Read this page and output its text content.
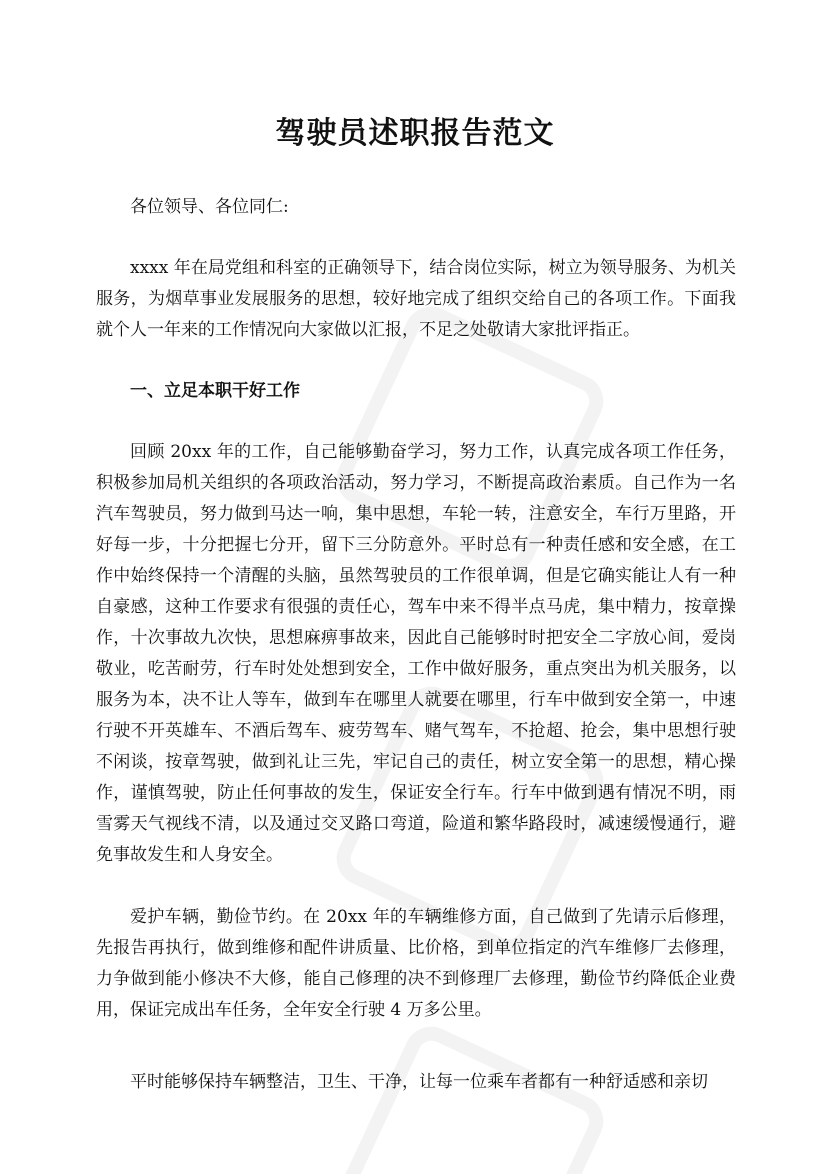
驾驶员述职报告范文

各位领导、各位同仁:

xxxx 年在局党组和科室的正确领导下，结合岗位实际，树立为领导服务、为机关服务，为烟草事业发展服务的思想，较好地完成了组织交给自己的各项工作。下面我就个人一年来的工作情况向大家做以汇报，不足之处敬请大家批评指正。

一、立足本职干好工作

回顾 20xx 年的工作，自己能够勤奋学习，努力工作，认真完成各项工作任务，积极参加局机关组织的各项政治活动，努力学习，不断提高政治素质。自己作为一名汽车驾驶员，努力做到马达一响，集中思想，车轮一转，注意安全，车行万里路，开好每一步，十分把握七分开，留下三分防意外。平时总有一种责任感和安全感，在工作中始终保持一个清醒的头脑，虽然驾驶员的工作很单调，但是它确实能让人有一种自豪感，这种工作要求有很强的责任心，驾车中来不得半点马虎，集中精力，按章操作，十次事故九次快，思想麻痹事故来，因此自己能够时时把安全二字放心间，爱岗敬业，吃苦耐劳，行车时处处想到安全，工作中做好服务，重点突出为机关服务，以服务为本，决不让人等车，做到车在哪里人就要在哪里，行车中做到安全第一，中速行驶不开英雄车、不酒后驾车、疲劳驾车、赌气驾车，不抢超、抢会，集中思想行驶不闲谈，按章驾驶，做到礼让三先，牢记自己的责任，树立安全第一的思想，精心操作，谨慎驾驶，防止任何事故的发生，保证安全行车。行车中做到遇有情况不明，雨雪雾天气视线不清，以及通过交叉路口弯道，险道和繁华路段时，减速缓慢通行，避免事故发生和人身安全。

爱护车辆，勤俭节约。在 20xx 年的车辆维修方面，自己做到了先请示后修理，先报告再执行，做到维修和配件讲质量、比价格，到单位指定的汽车维修厂去修理，力争做到能小修决不大修，能自己修理的决不到修理厂去修理，勤俭节约降低企业费用，保证完成出车任务，全年安全行驶 4 万多公里。

平时能够保持车辆整洁，卫生、干净，让每一位乘车者都有一种舒适感和亲切
